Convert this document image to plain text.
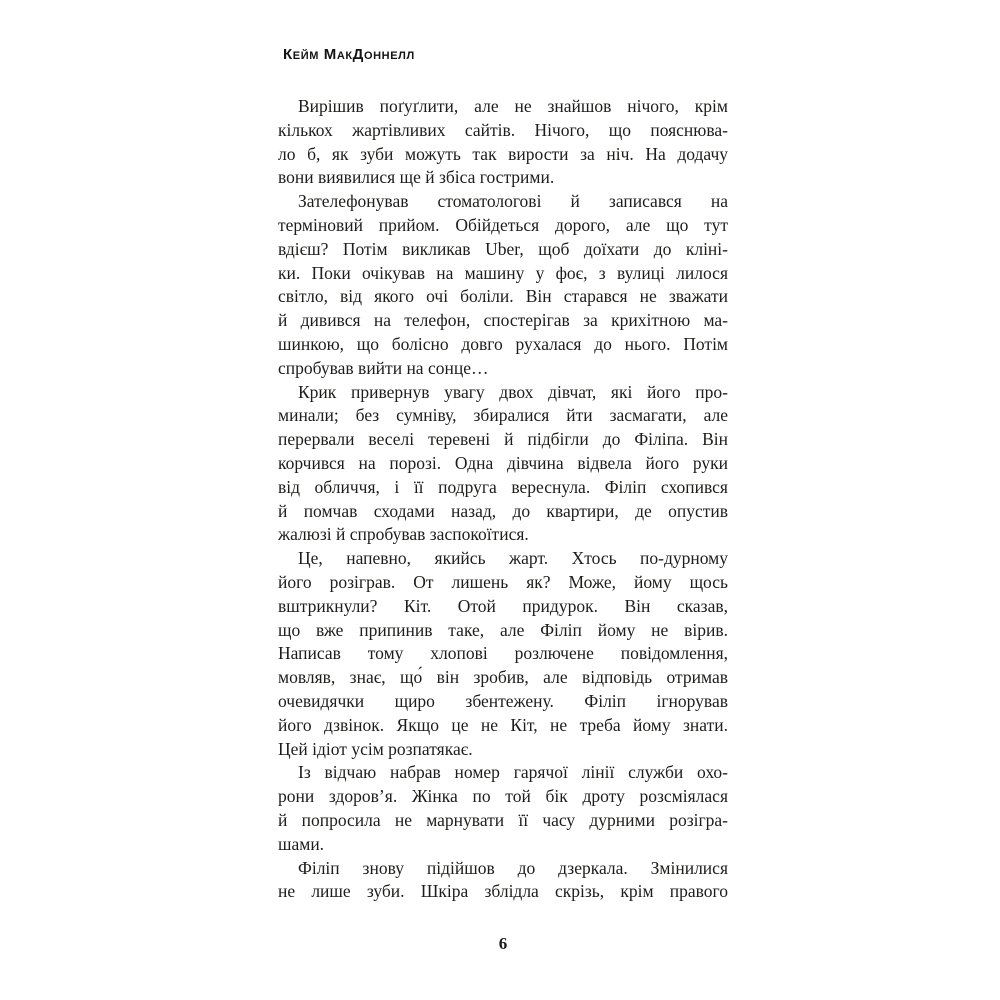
Кейм МакДоннелл
Вирішив поґуґлити, але не знайшов нічого, крім
кількох жартівливих сайтів. Нічого, що пояснюва-
ло б, як зуби можуть так вирости за ніч. На додачу
вони виявилися ще й збіса гострими.
Зателефонував стоматологові й записався на
терміновий прийом. Обійдеться дорого, але що тут
вдієш? Потім викликав Uber, щоб доїхати до кліні-
ки. Поки очікував на машину у фоє, з вулиці лилося
світло, від якого очі боліли. Він старався не зважати
й дивився на телефон, спостерігав за крихітною ма-
шинкою, що болісно довго рухалася до нього. Потім
спробував вийти на сонце…
Крик привернув увагу двох дівчат, які його про-
минали; без сумніву, збиралися йти засмагати, але
перервали веселі теревені й підбігли до Філіпа. Він
корчився на порозі. Одна дівчина відвела його руки
від обличчя, і її подруга вереснула. Філіп схопився
й помчав сходами назад, до квартири, де опустив
жалюзі й спробував заспокоїтися.
Це, напевно, якийсь жарт. Хтось по-дурному
його розіграв. От лишень як? Може, йому щось
вштрикнули? Кіт. Отой придурок. Він сказав,
що вже припинив таке, але Філіп йому не вірив.
Написав тому хлопові розлючене повідомлення,
мовляв, знає, що́ він зробив, але відповідь отримав
очевидячки щиро збентежену. Філіп ігнорував
його дзвінок. Якщо це не Кіт, не треба йому знати.
Цей ідіот усім розпатякає.
Із відчаю набрав номер гарячої лінії служби охо-
рони здоров’я. Жінка по той бік дроту розсміялася
й попросила не марнувати її часу дурними розігра-
шами.
Філіп знову підійшов до дзеркала. Змінилися
не лише зуби. Шкіра зблідла скрізь, крім правого
6
